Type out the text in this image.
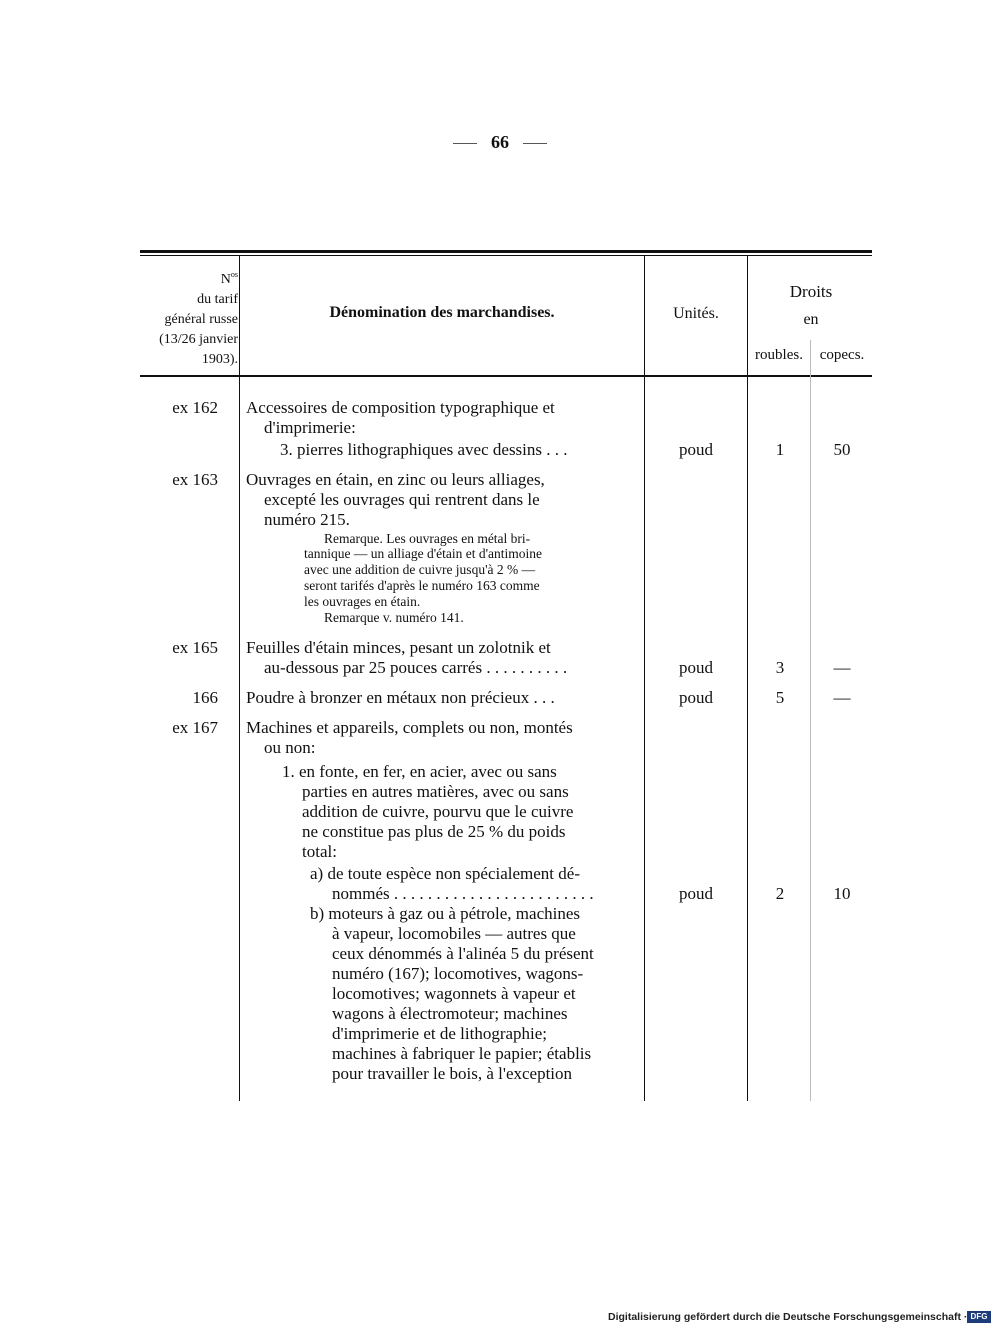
66
$N^{os}$
du tarif
général russe
(13/26 janvier
1903).
Dénomination des marchandises.	Unités.
Droits
en
roubles.	copecs.
ex 162 Accessoires de composition typographique et
d'imprimerie:
3. pierres lithographiques avec dessins . . .	poud	1	50
ex 163 Ouvrages en étain, en zinc ou leurs alliages,
excepté les ouvrages qui rentrent dans le
numéro 215.
Remarque. Les ouvrages en métal bri-
tannique — un alliage d'étain et d'antimoine
avec une addition de cuivre jusqu'à 2 % —
seront tarifés d'après le numéro 163 comme
les ouvrages en étain.
Remarque v. numéro 141.
ex 165 Feuilles d'étain minces, pesant un zolotnik et
au-dessous par 25 pouces carrés . . . . . . . . . .	poud	3	—
166 Poudre à bronzer en métaux non précieux . . .	poud	5	—
ex 167 Machines et appareils, complets ou non, montés
ou non:
1. en fonte, en fer, en acier, avec ou sans
parties en autres matières, avec ou sans
addition de cuivre, pourvu que le cuivre
ne constitue pas plus de 25 % du poids
total:
a) de toute espèce non spécialement dé-
nommés . . . . . . . . . . . . . . . . . . . . . . . .	poud	2	10
b) moteurs à gaz ou à pétrole, machines
à vapeur, locomobiles — autres que
ceux dénommés à l'alinéa 5 du présent
numéro (167); locomotives, wagons-
locomotives; wagonnets à vapeur et
wagons à électromoteur; machines
d'imprimerie et de lithographie;
machines à fabriquer le papier; établis
pour travailler le bois, à l'exception
Digitalisierung gefördert durch die Deutsche Forschungsgemeinschaft · DFG
